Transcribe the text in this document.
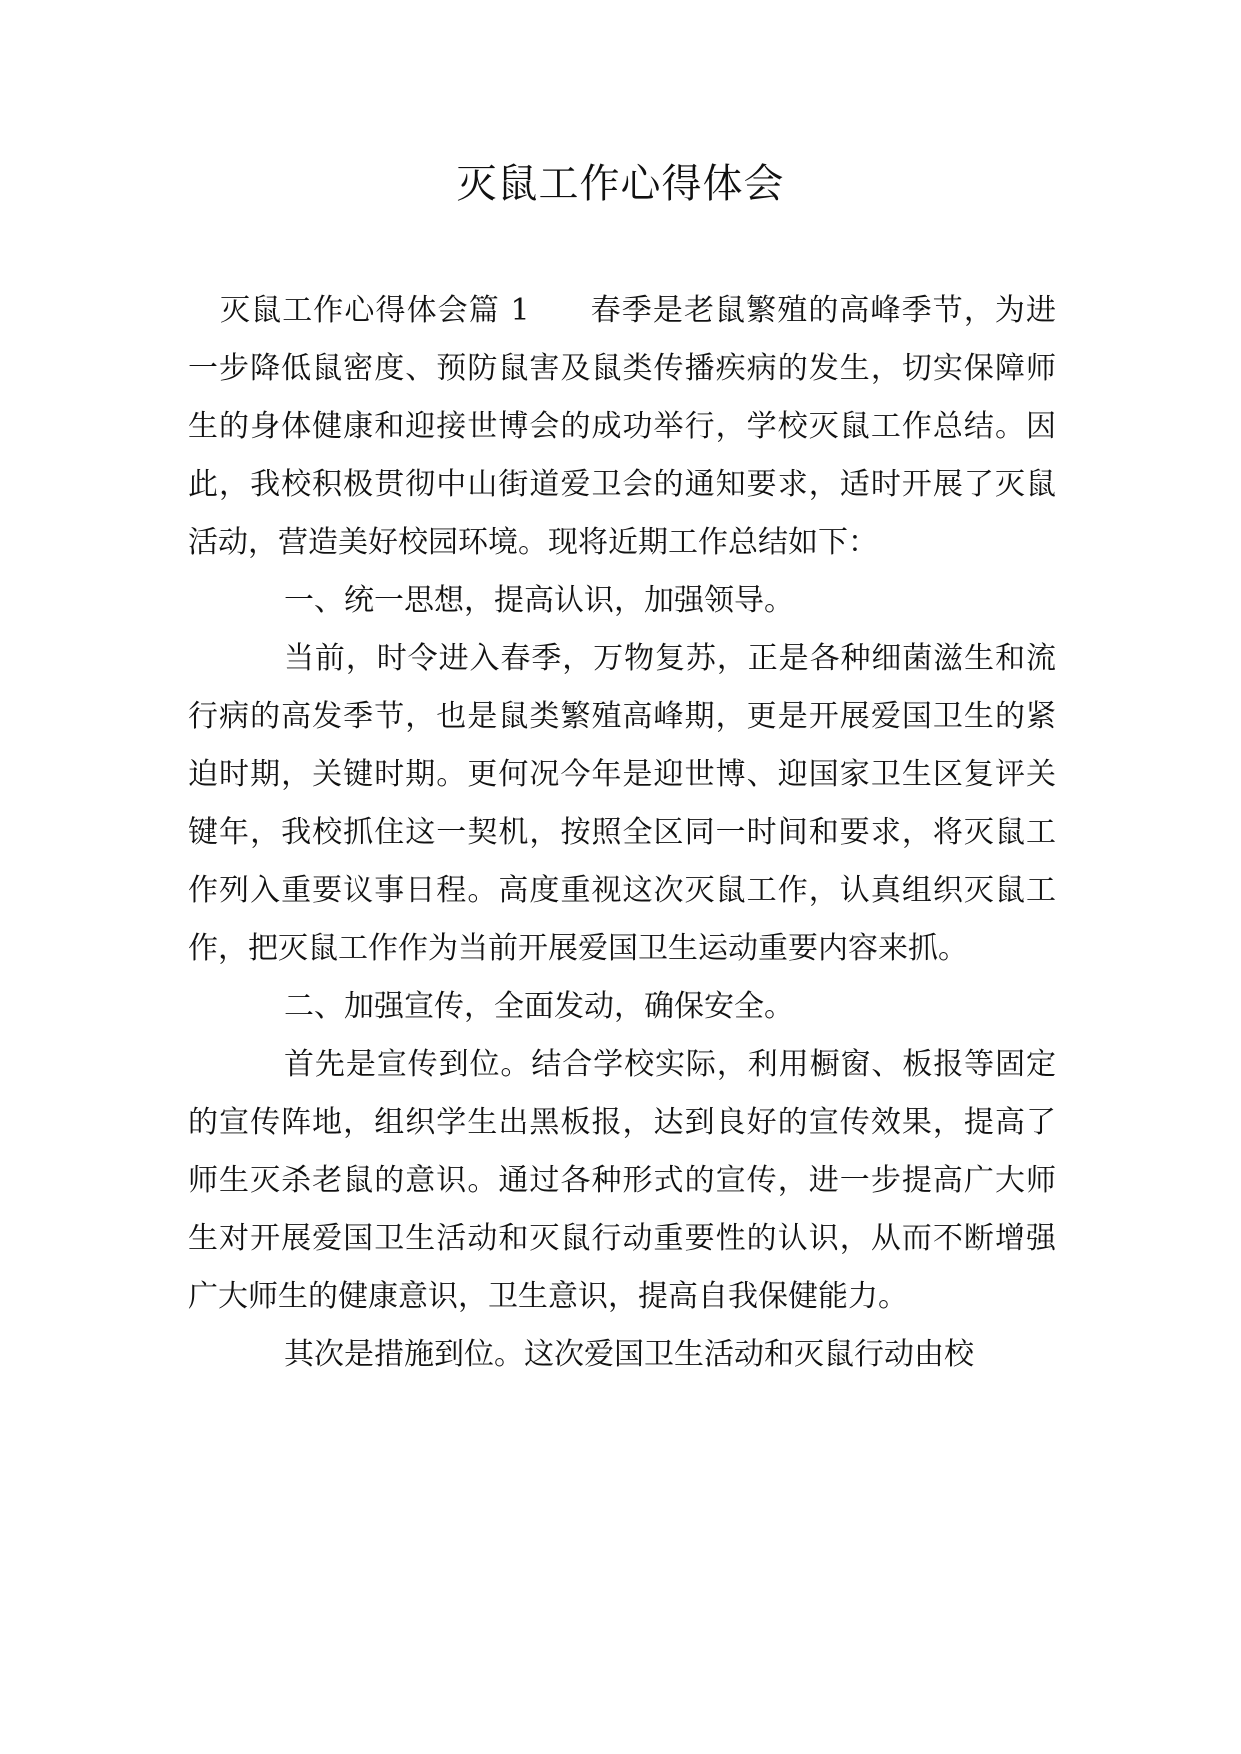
灭鼠工作心得体会

灭鼠工作心得体会篇 1 春季是老鼠繁殖的高峰季节，为进一步降低鼠密度、预防鼠害及鼠类传播疾病的发生，切实保障师生的身体健康和迎接世博会的成功举行，学校灭鼠工作总结。因此，我校积极贯彻中山街道爱卫会的通知要求，适时开展了灭鼠活动，营造美好校园环境。现将近期工作总结如下：

一、统一思想，提高认识，加强领导。

当前，时令进入春季，万物复苏，正是各种细菌滋生和流行病的高发季节，也是鼠类繁殖高峰期，更是开展爱国卫生的紧迫时期，关键时期。更何况今年是迎世博、迎国家卫生区复评关键年，我校抓住这一契机，按照全区同一时间和要求，将灭鼠工作列入重要议事日程。高度重视这次灭鼠工作，认真组织灭鼠工作，把灭鼠工作作为当前开展爱国卫生运动重要内容来抓。

二、加强宣传，全面发动，确保安全。

首先是宣传到位。结合学校实际，利用橱窗、板报等固定的宣传阵地，组织学生出黑板报，达到良好的宣传效果，提高了师生灭杀老鼠的意识。通过各种形式的宣传，进一步提高广大师生对开展爱国卫生活动和灭鼠行动重要性的认识，从而不断增强广大师生的健康意识，卫生意识，提高自我保健能力。

其次是措施到位。这次爱国卫生活动和灭鼠行动由校
